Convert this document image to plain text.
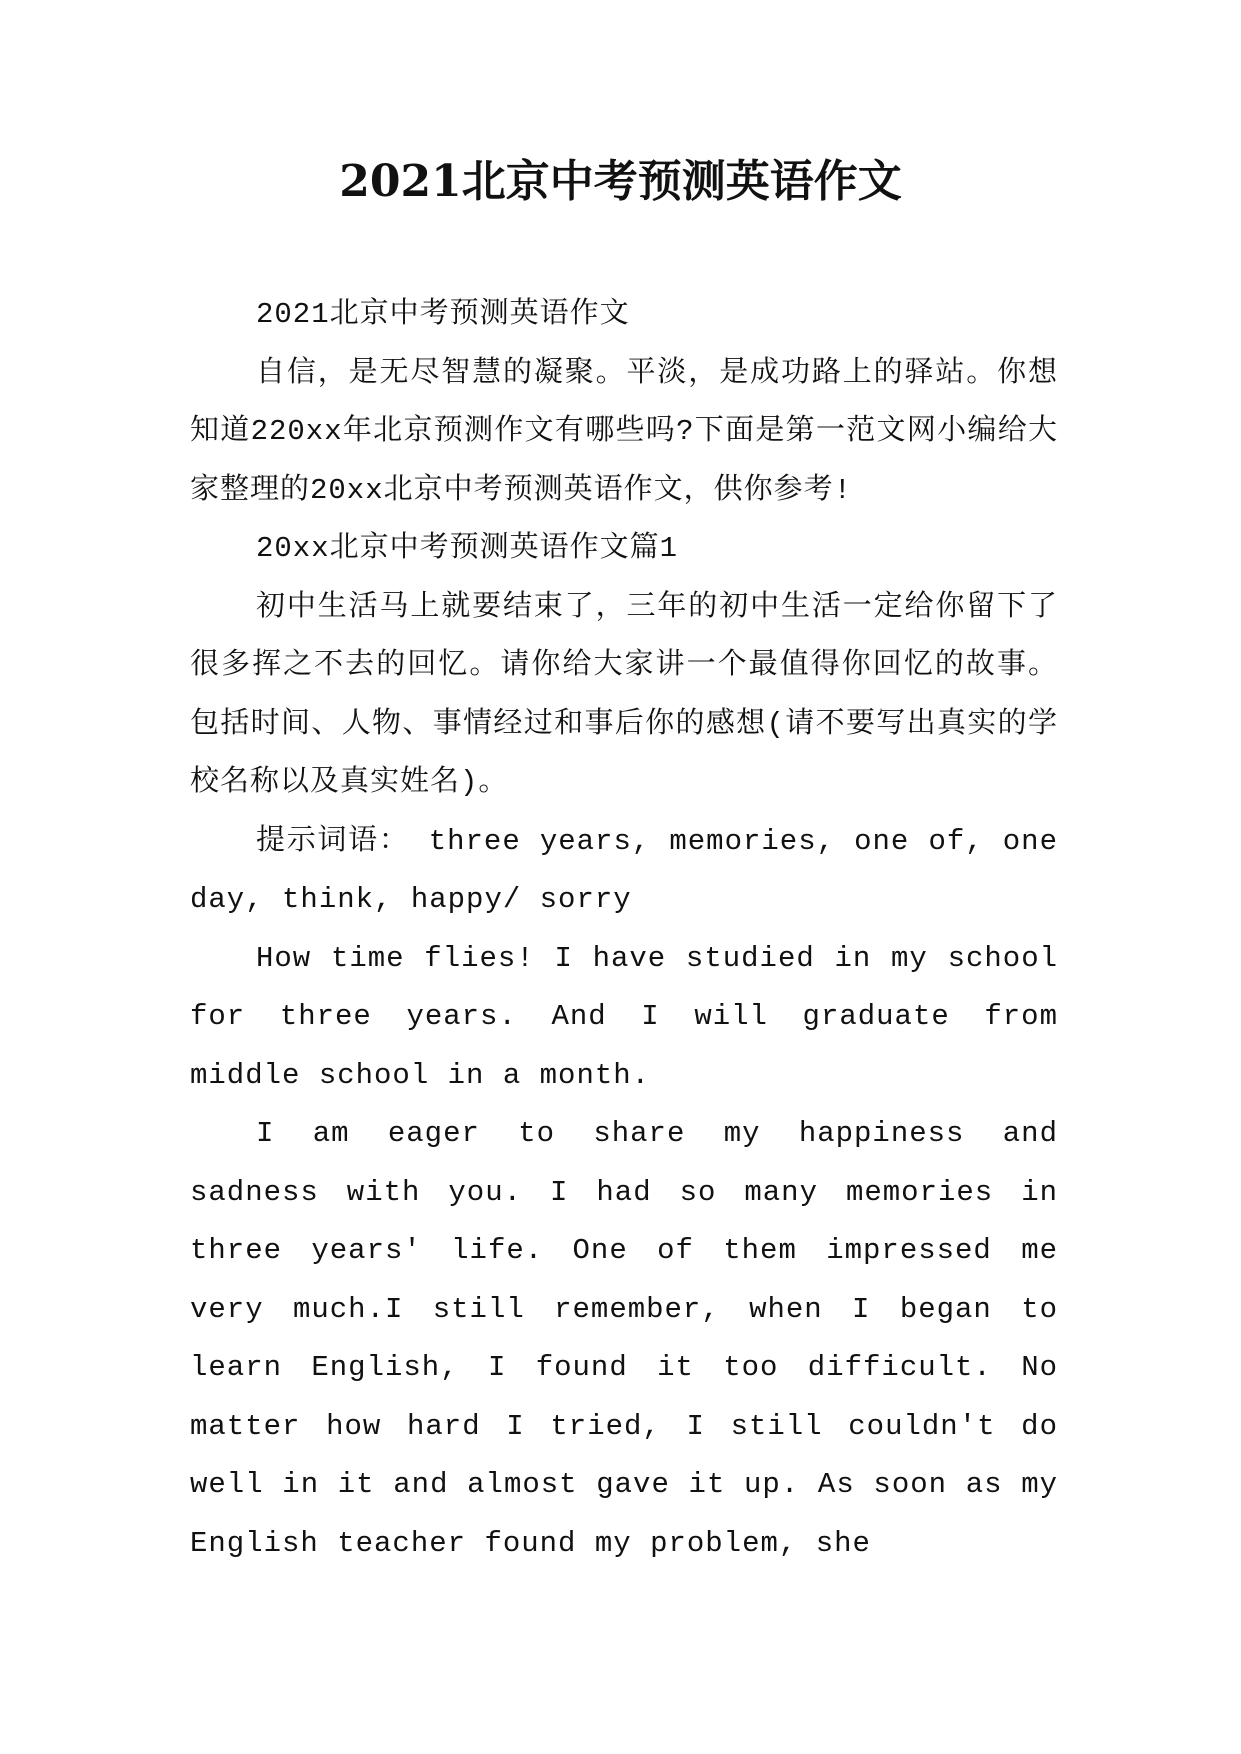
2021北京中考预测英语作文

2021北京中考预测英语作文

自信，是无尽智慧的凝聚。平淡，是成功路上的驿站。你想知道220xx年北京预测作文有哪些吗?下面是第一范文网小编给大家整理的20xx北京中考预测英语作文，供你参考!

20xx北京中考预测英语作文篇1

初中生活马上就要结束了，三年的初中生活一定给你留下了很多挥之不去的回忆。请你给大家讲一个最值得你回忆的故事。包括时间、人物、事情经过和事后你的感想(请不要写出真实的学校名称以及真实姓名)。

提示词语： three years, memories, one of, one day, think, happy/ sorry

How time flies! I have studied in my school for three years. And I will graduate from middle school in a month.

I am eager to share my happiness and sadness with you. I had so many memories in three years' life. One of them impressed me very much.I still remember, when I began to learn English, I found it too difficult. No matter how hard I tried, I still couldn't do well in it and almost gave it up. As soon as my English teacher found my problem, she
